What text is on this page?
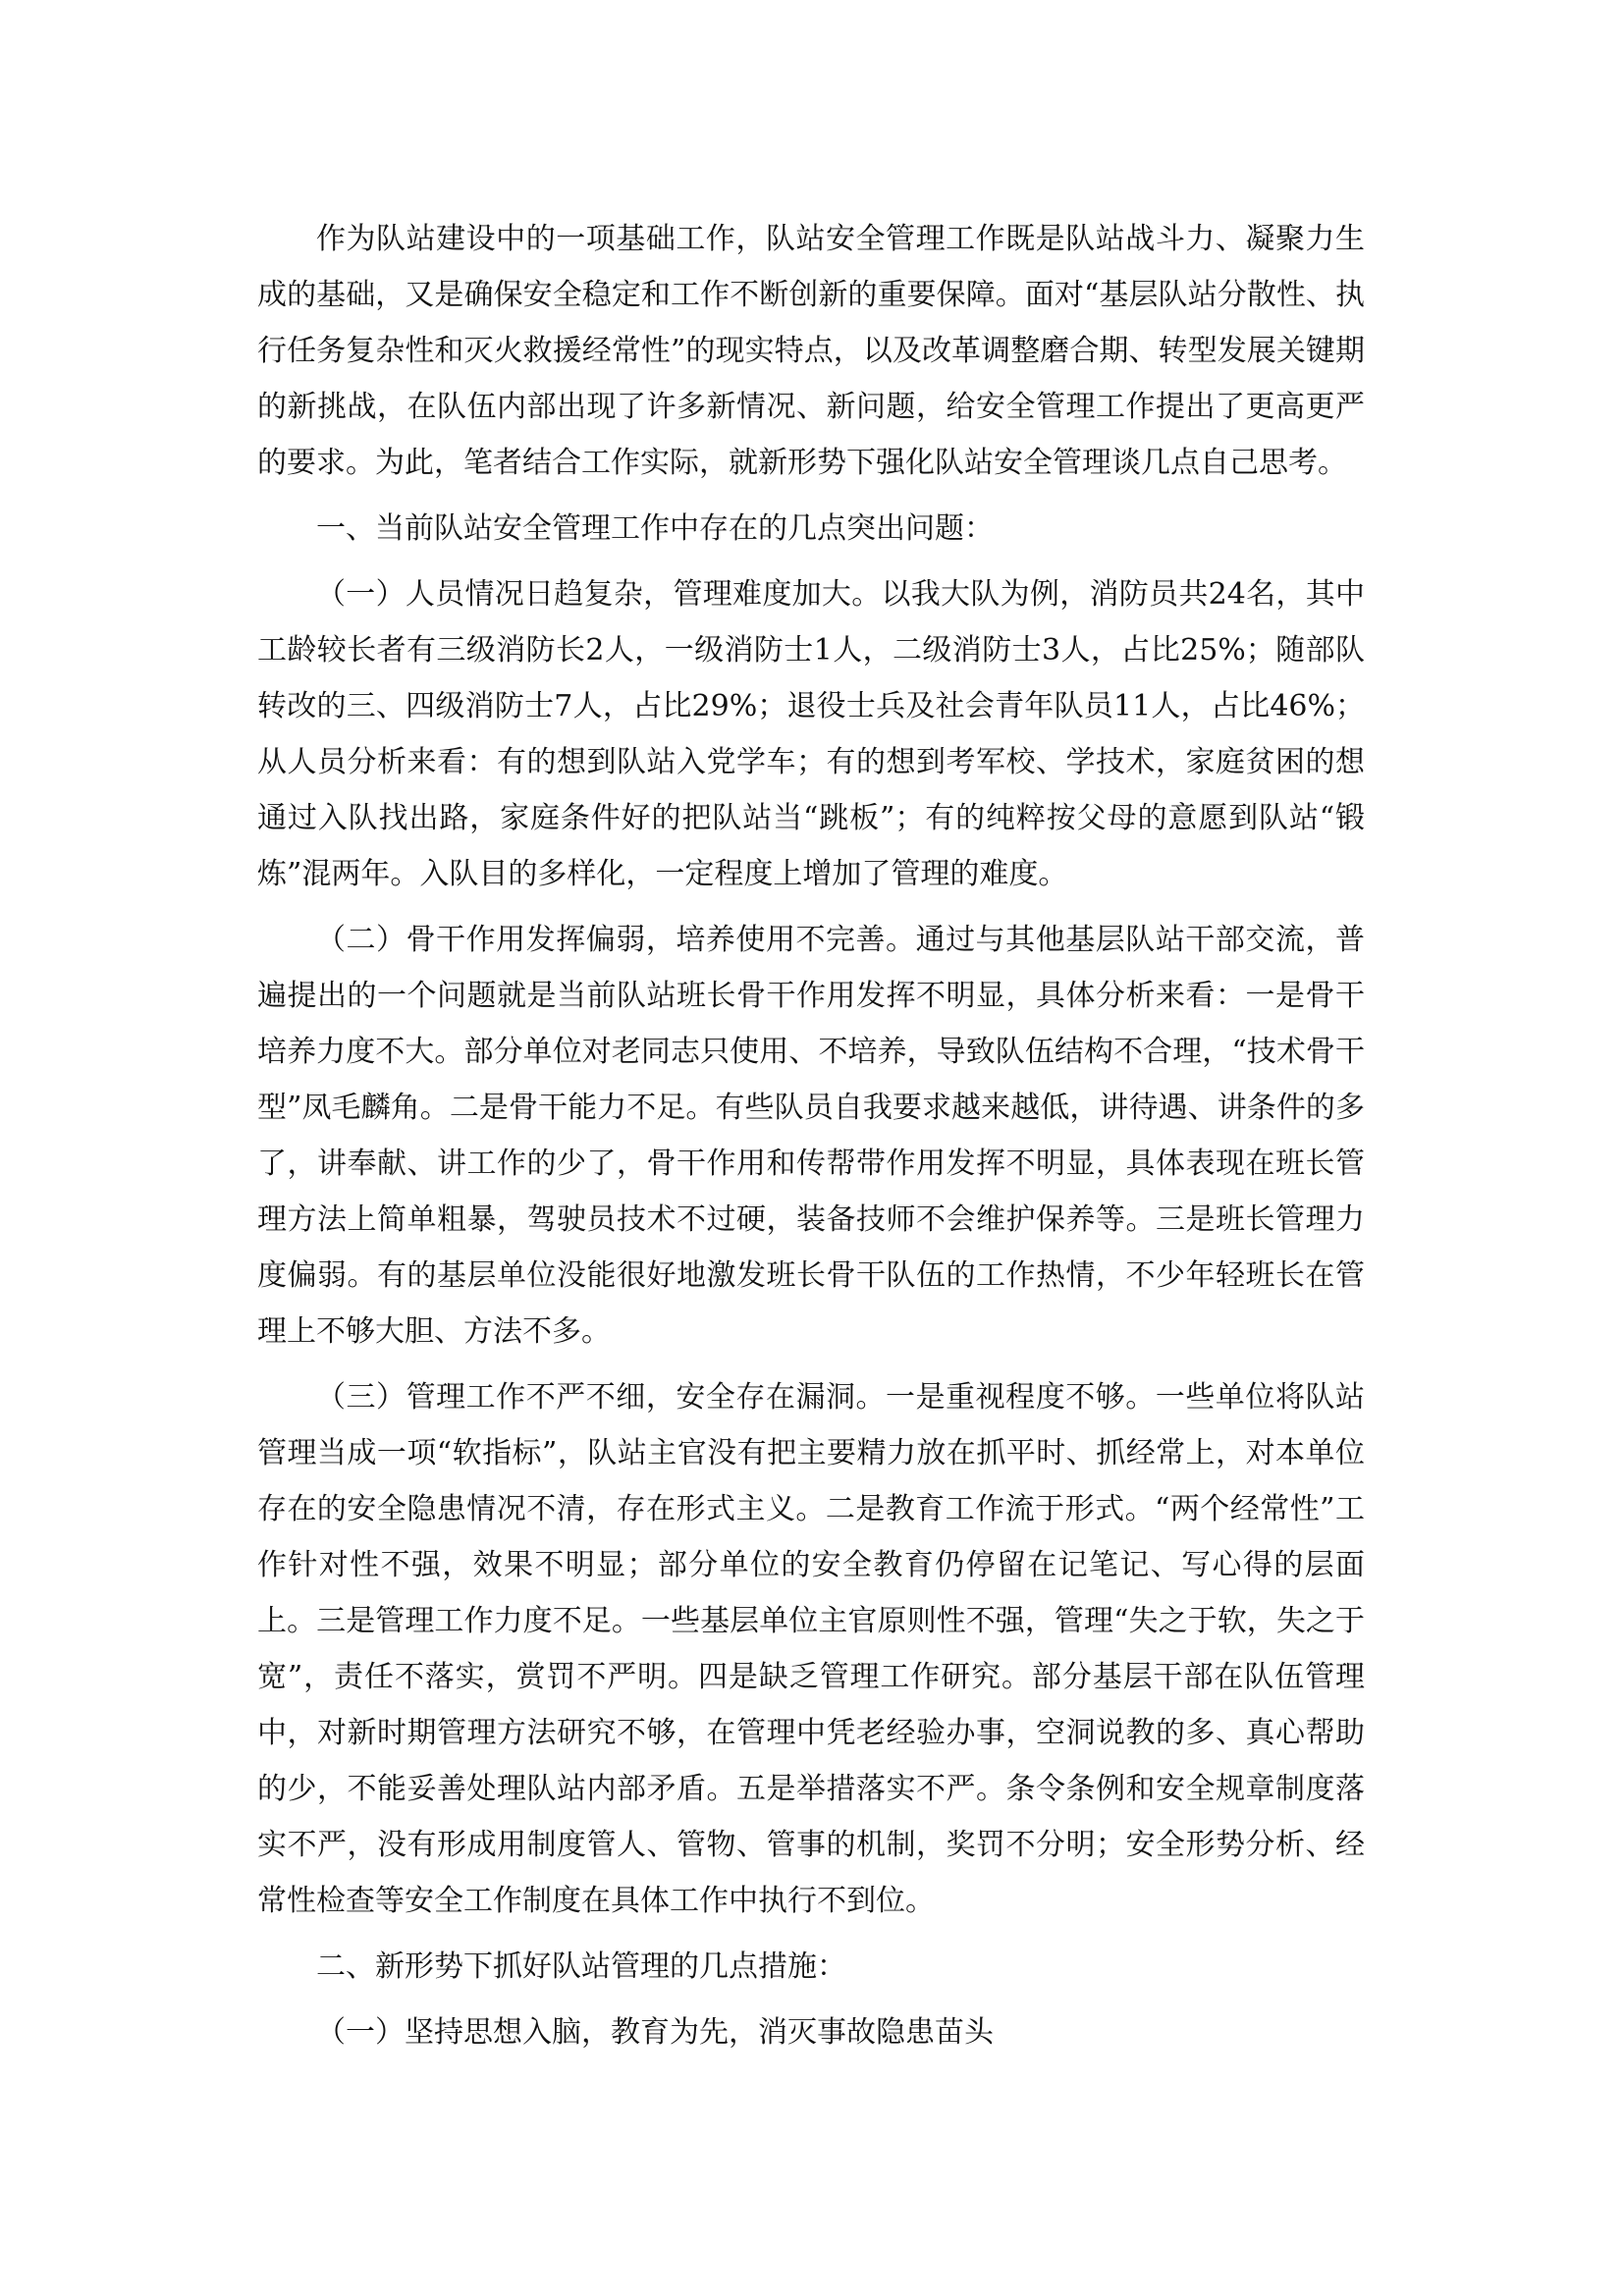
作为队站建设中的一项基础工作，队站安全管理工作既是队站战斗力、凝聚力生成的基础，又是确保安全稳定和工作不断创新的重要保障。面对“基层队站分散性、执行任务复杂性和灭火救援经常性”的现实特点，以及改革调整磨合期、转型发展关键期的新挑战，在队伍内部出现了许多新情况、新问题，给安全管理工作提出了更高更严的要求。为此，笔者结合工作实际，就新形势下强化队站安全管理谈几点自己思考。

一、当前队站安全管理工作中存在的几点突出问题：

（一）人员情况日趋复杂，管理难度加大。以我大队为例，消防员共24名，其中工龄较长者有三级消防长2人，一级消防士1人，二级消防士3人，占比25%；随部队转改的三、四级消防士7人，占比29%；退役士兵及社会青年队员11人，占比46%；从人员分析来看：有的想到队站入党学车；有的想到考军校、学技术，家庭贫困的想通过入队找出路，家庭条件好的把队站当“跳板”；有的纯粹按父母的意愿到队站“锻炼”混两年。入队目的多样化，一定程度上增加了管理的难度。

（二）骨干作用发挥偏弱，培养使用不完善。通过与其他基层队站干部交流，普遍提出的一个问题就是当前队站班长骨干作用发挥不明显，具体分析来看：一是骨干培养力度不大。部分单位对老同志只使用、不培养，导致队伍结构不合理，“技术骨干型”凤毛麟角。二是骨干能力不足。有些队员自我要求越来越低，讲待遇、讲条件的多了，讲奉献、讲工作的少了，骨干作用和传帮带作用发挥不明显，具体表现在班长管理方法上简单粗暴，驾驶员技术不过硬，装备技师不会维护保养等。三是班长管理力度偏弱。有的基层单位没能很好地激发班长骨干队伍的工作热情，不少年轻班长在管理上不够大胆、方法不多。

（三）管理工作不严不细，安全存在漏洞。一是重视程度不够。一些单位将队站管理当成一项“软指标”，队站主官没有把主要精力放在抓平时、抓经常上，对本单位存在的安全隐患情况不清，存在形式主义。二是教育工作流于形式。“两个经常性”工作针对性不强，效果不明显；部分单位的安全教育仍停留在记笔记、写心得的层面上。三是管理工作力度不足。一些基层单位主官原则性不强，管理“失之于软，失之于宽”，责任不落实，赏罚不严明。四是缺乏管理工作研究。部分基层干部在队伍管理中，对新时期管理方法研究不够，在管理中凭老经验办事，空洞说教的多、真心帮助的少，不能妥善处理队站内部矛盾。五是举措落实不严。条令条例和安全规章制度落实不严，没有形成用制度管人、管物、管事的机制，奖罚不分明；安全形势分析、经常性检查等安全工作制度在具体工作中执行不到位。

二、新形势下抓好队站管理的几点措施：

（一）坚持思想入脑，教育为先，消灭事故隐患苗头
